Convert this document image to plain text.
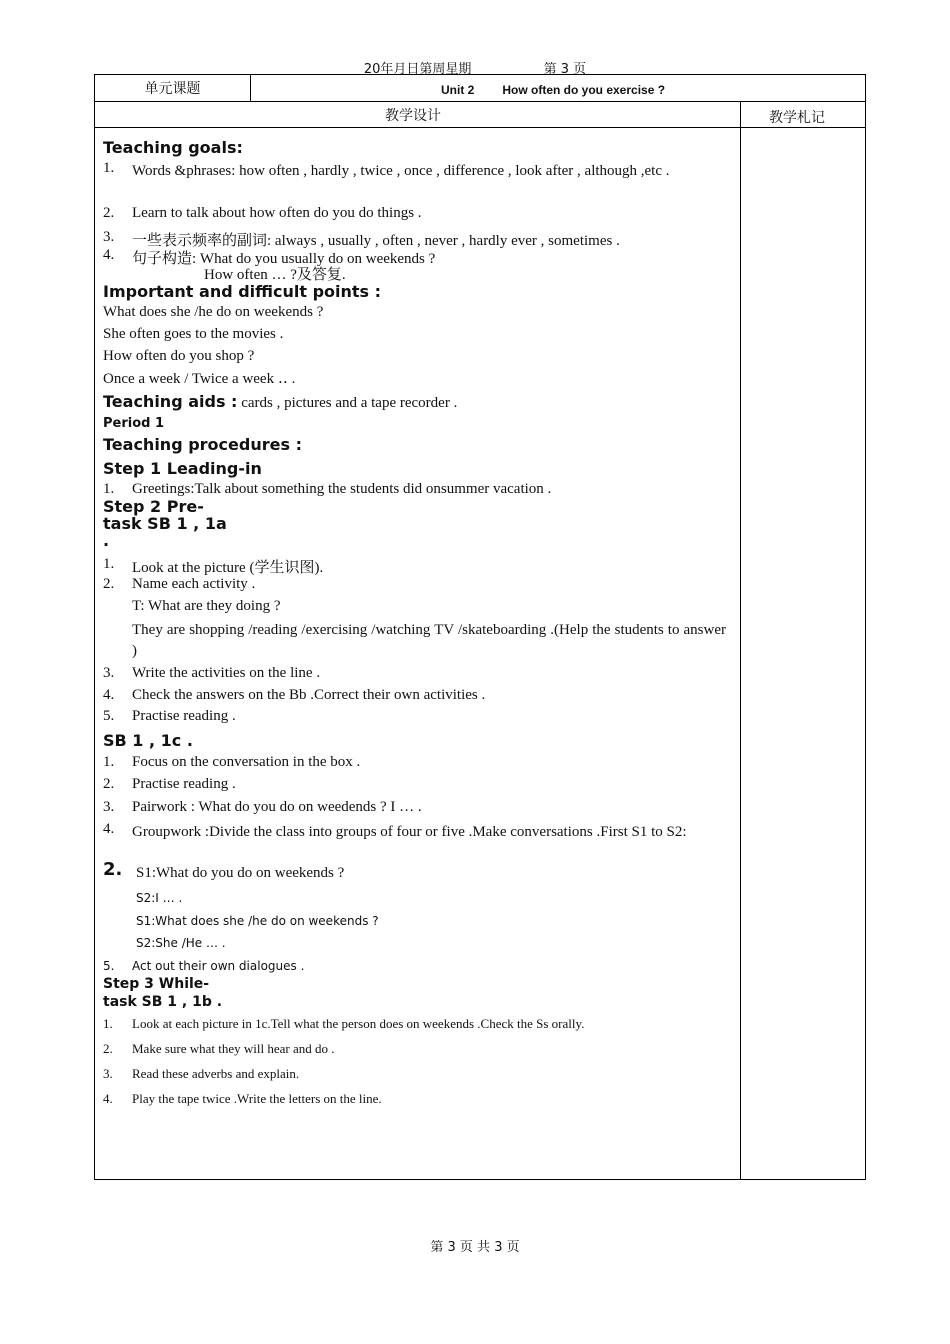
20年月日第周星期	第 3 页
单元课题	Unit 2 How often do you exercise ?
教学设计	教学札记
Teaching goals:
1.	Words &phrases: how often , hardly , twice , once , difference , look after , although ,etc .
2.	Learn to talk about how often do you do things .
3.	一些表示频率的副词: always , usually , often , never , hardly ever , sometimes .
4.	句子构造: What do you usually do on weekends ?
How often … ?及答复.
Important and difficult points :
What does she /he do on weekends ?
She often goes to the movies .
How often do you shop ?
Once a week / Twice a week ‥ .
Teaching aids : cards , pictures and a tape recorder .
Period 1
Teaching procedures :
Step 1 Leading-in
1.	Greetings:Talk about something the students did onsummer vacation .
Step 2 Pre-
task SB 1 , 1a
.
1.	Look at the picture (学生识图).
2.	Name each activity .
T: What are they doing ?
They are shopping /reading /exercising /watching TV /skateboarding .(Help the students to answer )
3.	Write the activities on the line .
4.	Check the answers on the Bb .Correct their own activities .
5.	Practise reading .
SB 1 , 1c .
1.	Focus on the conversation in the box .
2.	Practise reading .
3.	Pairwork : What do you do on weedends ? I … .
4.	Groupwork :Divide the class into groups of four or five .Make conversations .First S1 to S2:
2. S1:What do you do on weekends ?
S2:I … .
S1:What does she /he do on weekends ?
S2:She /He … .
5.	Act out their own dialogues .
Step 3 While-
task SB 1 , 1b .
1.	Look at each picture in 1c.Tell what the person does on weekends .Check the Ss orally.
2.	Make sure what they will hear and do .
3.	Read these adverbs and explain.
4.	Play the tape twice .Write the letters on the line.
第 3 页 共 3 页
